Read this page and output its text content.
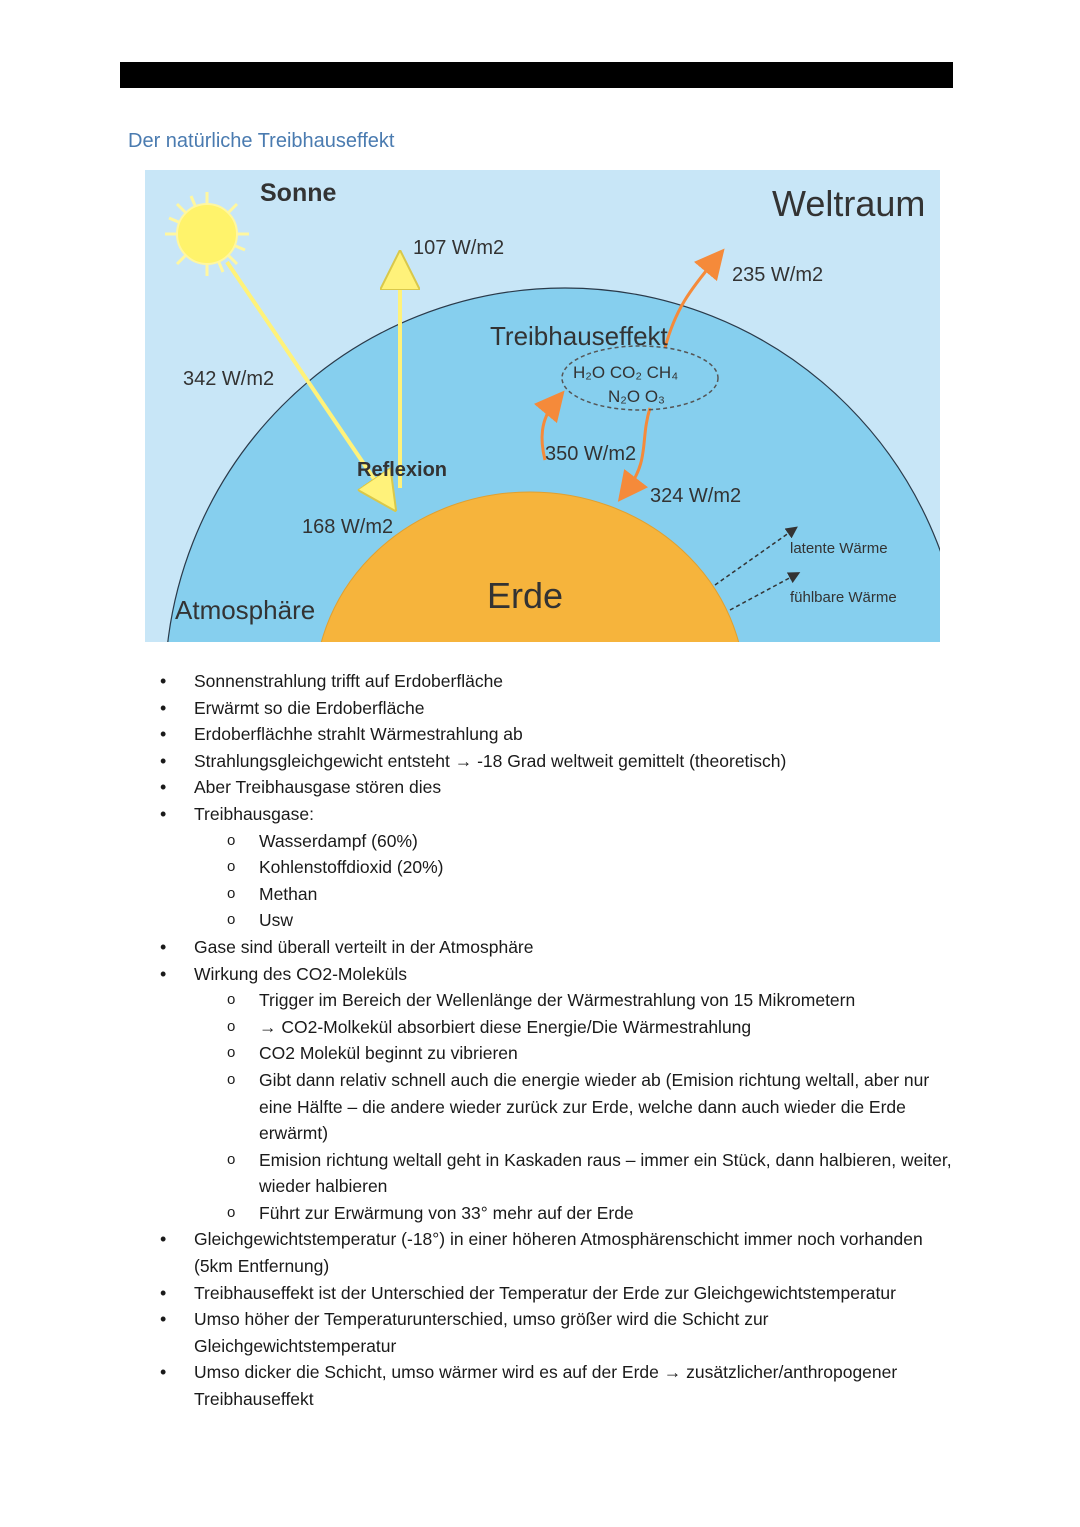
Der natürliche Treibhauseffekt
Sonne	Weltraum
Atmosphäre	Erde
Treibhauseffekt
H₂O CO₂ CH₄
N₂O O₃
Reflexion
342 W/m2
107 W/m2
168 W/m2
350 W/m2
324 W/m2
235 W/m2
latente Wärme
fühlbare Wärme
• Sonnenstrahlung trifft auf Erdoberfläche
• Erwärmt so die Erdoberfläche
• Erdoberflächhe strahlt Wärmestrahlung ab
• Strahlungsgleichgewicht entsteht → -18 Grad weltweit gemittelt (theoretisch)
• Aber Treibhausgase stören dies
• Treibhausgase:
o Wasserdampf (60%)
o Kohlenstoffdioxid (20%)
o Methan
o Usw
• Gase sind überall verteilt in der Atmosphäre
• Wirkung des CO2-Moleküls
o Trigger im Bereich der Wellenlänge der Wärmestrahlung von 15 Mikrometern
o → CO2-Molkekül absorbiert diese Energie/Die Wärmestrahlung
o CO2 Molekül beginnt zu vibrieren
o Gibt dann relativ schnell auch die energie wieder ab (Emision richtung weltall, aber nur eine Hälfte – die andere wieder zurück zur Erde, welche dann auch wieder die Erde erwärmt)
o Emision richtung weltall geht in Kaskaden raus – immer ein Stück, dann halbieren, weiter, wieder halbieren
o Führt zur Erwärmung von 33° mehr auf der Erde
• Gleichgewichtstemperatur (-18°) in einer höheren Atmosphärenschicht immer noch vorhanden (5km Entfernung)
• Treibhauseffekt ist der Unterschied der Temperatur der Erde zur Gleichgewichtstemperatur
• Umso höher der Temperaturunterschied, umso größer wird die Schicht zur Gleichgewichtstemperatur
• Umso dicker die Schicht, umso wärmer wird es auf der Erde → zusätzlicher/anthropogener Treibhauseffekt
